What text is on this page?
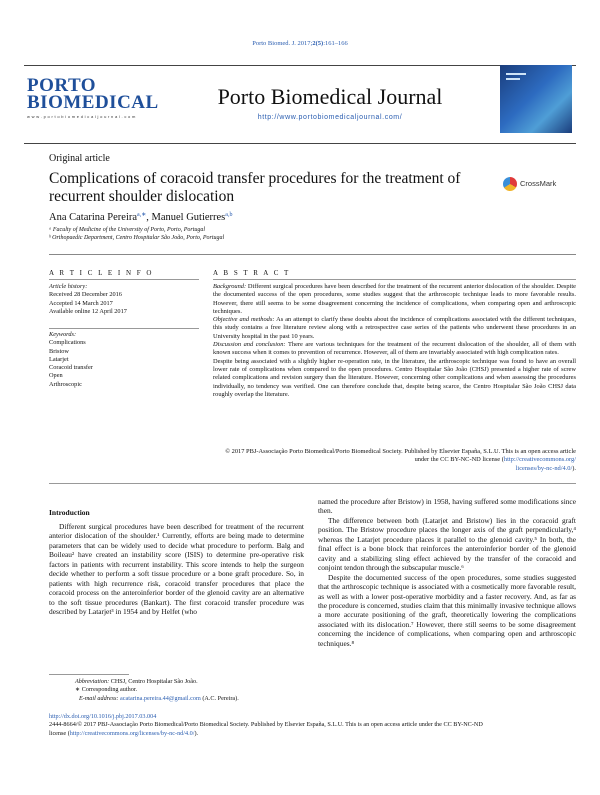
Porto Biomed. J. 2017;2(5):161–166
PORTO
BIOMEDICAL
w w w . p o r t o b i o m e d i c a l j o u r n a l . c o m
Porto Biomedical Journal
http://www.portobiomedicaljournal.com/
Original article
Complications of coracoid transfer procedures for the treatment of recurrent shoulder dislocation
CrossMark
Ana Catarina Pereira$^{a,∗}$, Manuel Gutierres$^{a,b}$
ᵃ Faculty of Medicine of the University of Porto, Porto, Portugal
ᵇ Orthopaedic Department, Centro Hospitalar São João, Porto, Portugal
A R T I C L E I N F O
Article history:
Received 28 December 2016
Accepted 14 March 2017
Available online 12 April 2017
Keywords:
Complications
Bristow
Latarjet
Coracoid transfer
Open
Arthroscopic
A B S T R A C T

Background: Different surgical procedures have been described for the treatment of the recurrent anterior dislocation of the shoulder. Despite the documented success of the open procedures, some studies suggest that the arthroscopic technique leads to more favorable results. However, there still seems to be some disagreement concerning the incidence of complications, when comparing open and arthroscopic techniques.

Objective and methods: As an attempt to clarify these doubts about the incidence of complications associated with the different techniques, this study contains a free literature review along with a retrospective case series of the patients who underwent these procedures in an University hospital in the past 10 years.

Discussion and conclusion: There are various techniques for the treatment of the recurrent dislocation of the shoulder, all of them with known success when it comes to prevention of recurrence. However, all of them are invariably associated with high complication rates.

Despite being associated with a slightly higher re-operation rate, in the literature, the arthroscopic technique was found to have an overall lower rate of complications when compared to the open procedures. Centro Hospitalar São João (CHSJ) presented a higher rate of screw related complications and revision surgery than the literature. However, concerning other complications and when assessing the procedures individually, no tendency was verified. One can therefore conclude that, despite being scarce, the Centro Hospitalar São João CHSJ data roughly overlap the literature.

© 2017 PBJ-Associação Porto Biomedical/Porto Biomedical Society. Published by Elsevier España, S.L.U. This is an open access article under the CC BY-NC-ND license (http://creativecommons.org/
licenses/by-nc-nd/4.0/).
Introduction

Different surgical procedures have been described for treatment of the recurrent anterior dislocation of the shoulder.¹ Currently, efforts are being made to determine parameters that can be widely used to decide what procedure to perform. Balg and Boileau² have created an instability score (ISIS) to determine pre-operative risk factors in patients with recurrent instability. This score intends to help the surgeon decide whether to perform a soft tissue procedure or a bone graft procedure. So, in patients with high recurrence risk, coracoid transfer procedures that place the coracoid process on the anteroinferior border of the glenoid cavity are an alternative to the soft tissue procedures (Bankart). The first coracoid transfer procedure was described by Latarjet³ in 1954 and by Helfet (who

named the procedure after Bristow) in 1958, having suffered some modifications since then.

The difference between both (Latarjet and Bristow) lies in the coracoid graft position. The Bristow procedure places the longer axis of the graft perpendicularly,⁴ whereas the Latarjet procedure places it parallel to the glenoid cavity.⁵ In both, the final effect is a bone block that reinforces the anteroinferior border of the glenoid cavity and a stabilizing sling effect achieved by the transfer of the coracoid and conjoint tendon through the subscapular muscle.⁶

Despite the documented success of the open procedures, some studies suggested that the arthroscopic technique is associated with a cosmetically more favorable result, as well as with a lower post-operative morbidity and a faster recovery. And, as far as the procedure is concerned, studies claim that this minimally invasive technique allows a more accurate positioning of the graft, theoretically lowering the complications associated with its dislocation.⁷ However, there still seems to be some disagreement concerning the incidence of complications, when comparing open and arthroscopic techniques.⁸

Abbreviation: CHSJ, Centro Hospitalar São João.
∗ Corresponding author.
E-mail address: acatarina.pereira.44@gmail.com (A.C. Pereira).
http://dx.doi.org/10.1016/j.pbj.2017.03.004
2444-8664/© 2017 PBJ-Associação Porto Biomedical/Porto Biomedical Society. Published by Elsevier España, S.L.U. This is an open access article under the CC BY-NC-ND
license (http://creativecommons.org/licenses/by-nc-nd/4.0/).
